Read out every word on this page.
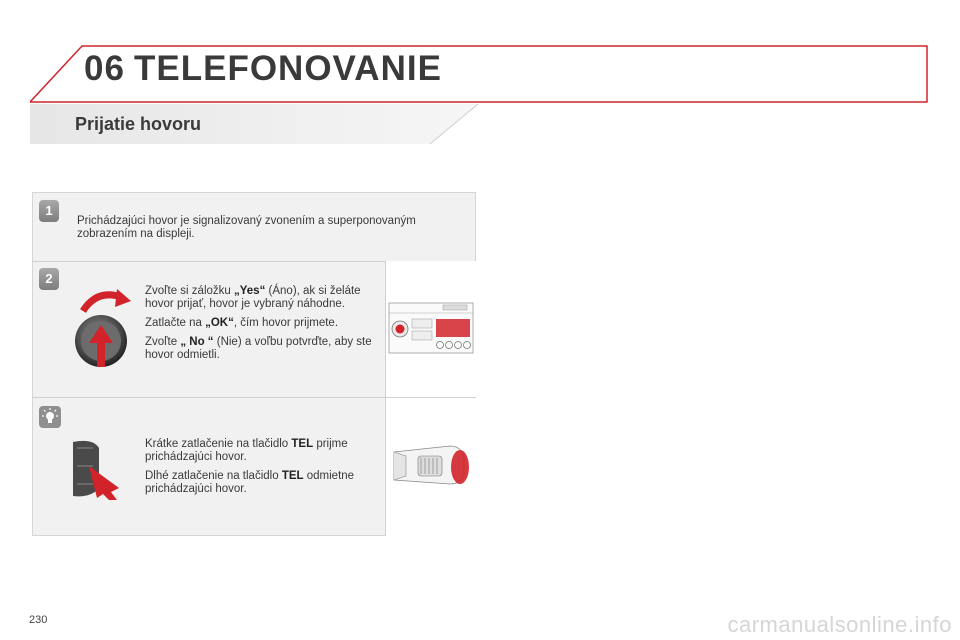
06 TELEFONOVANIE
Prijatie hovoru
1
Prichádzajúci hovor je signalizovaný zvonením a superponovaným zobrazením na displeji.
2

Zvoľte si záložku „Yes“ (Áno), ak si želáte hovor prijať, hovor je vybraný náhodne.

Zatlačte na „OK“, čím hovor prijmete.

Zvoľte „ No “ (Nie) a voľbu potvrďte, aby ste hovor odmietli.

Krátke zatlačenie na tlačidlo TEL prijme prichádzajúci hovor.

Dlhé zatlačenie na tlačidlo TEL odmietne prichádzajúci hovor.

230	carmanualsonline.info
